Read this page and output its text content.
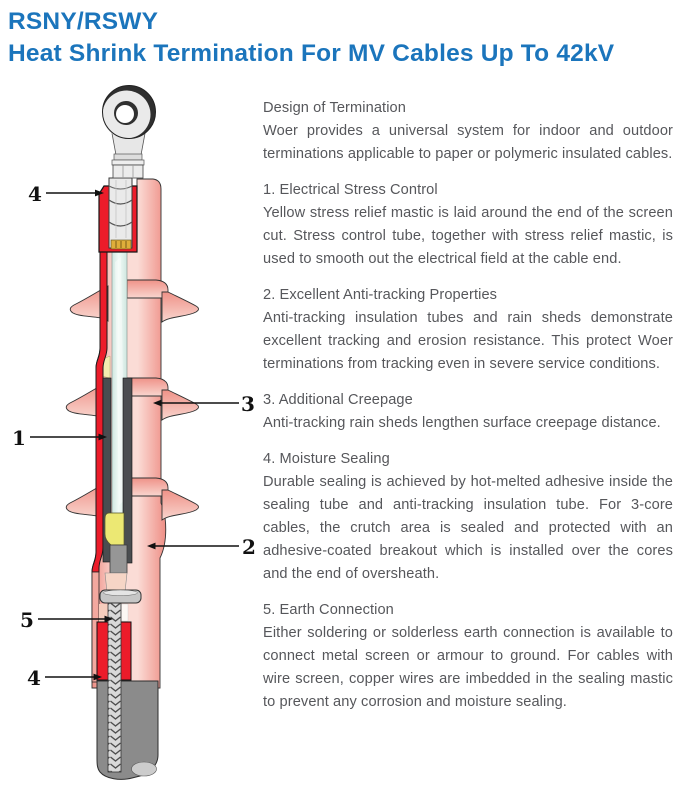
RSNY/RSWY
Heat Shrink Termination For MV Cables Up To 42kV
Design of Termination

Woer provides a universal system for indoor and outdoor terminations applicable to paper or polymeric insulated cables.

1. Electrical Stress Control

Yellow stress relief mastic is laid around the end of the screen cut. Stress control tube, together with stress relief mastic, is used to smooth out the electrical field at the cable end.

2. Excellent Anti-tracking Properties

Anti-tracking insulation tubes and rain sheds demonstrate excellent tracking and erosion resistance. This protect Woer terminations from tracking even in severe service conditions.

3. Additional Creepage

Anti-tracking rain sheds lengthen surface creepage distance.

4. Moisture Sealing

Durable sealing is achieved by hot-melted adhesive inside the sealing tube and anti-tracking insulation tube. For 3-core cables, the crutch area is sealed and protected with an adhesive-coated breakout which is installed over the cores and the end of oversheath.

5. Earth Connection

Either soldering or solderless earth connection is available to connect metal screen or armour to ground. For cables with wire screen, copper wires are imbedded in the sealing mastic to prevent any corrosion and moisture sealing.

4
1
3
2
5
4
